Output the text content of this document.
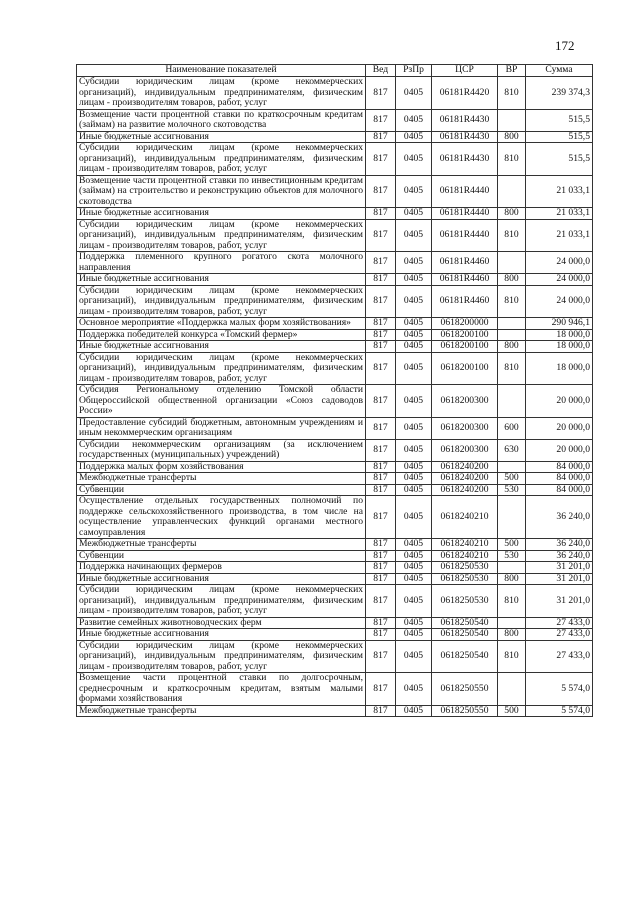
172
Наименование показателей	Вед	РзПр	ЦСР	ВР	Сумма
Субсидии юридическим лицам (кроме некоммерческих организаций), индивидуальным предпринимателям, физическим лицам - производителям товаров, работ, услуг	817	0405	06181R4420	810	239 374,3
Возмещение части процентной ставки по краткосрочным кредитам (займам) на развитие молочного скотоводства	817	0405	06181R4430		515,5
Иные бюджетные ассигнования	817	0405	06181R4430	800	515,5
Субсидии юридическим лицам (кроме некоммерческих организаций), индивидуальным предпринимателям, физическим лицам - производителям товаров, работ, услуг	817	0405	06181R4430	810	515,5
Возмещение части процентной ставки по инвестиционным кредитам (займам) на строительство и реконструкцию объектов для молочного скотоводства	817	0405	06181R4440		21 033,1
Иные бюджетные ассигнования	817	0405	06181R4440	800	21 033,1
Субсидии юридическим лицам (кроме некоммерческих организаций), индивидуальным предпринимателям, физическим лицам - производителям товаров, работ, услуг	817	0405	06181R4440	810	21 033,1
Поддержка племенного крупного рогатого скота молочного направления	817	0405	06181R4460		24 000,0
Иные бюджетные ассигнования	817	0405	06181R4460	800	24 000,0
Субсидии юридическим лицам (кроме некоммерческих организаций), индивидуальным предпринимателям, физическим лицам - производителям товаров, работ, услуг	817	0405	06181R4460	810	24 000,0
Основное мероприятие «Поддержка малых форм хозяйствования»	817	0405	0618200000		290 946,1
Поддержка победителей конкурса «Томский фермер»	817	0405	0618200100		18 000,0
Иные бюджетные ассигнования	817	0405	0618200100	800	18 000,0
Субсидии юридическим лицам (кроме некоммерческих организаций), индивидуальным предпринимателям, физическим лицам - производителям товаров, работ, услуг	817	0405	0618200100	810	18 000,0
Субсидия Региональному отделению Томской области Общероссийской общественной организации «Союз садоводов России»	817	0405	0618200300		20 000,0
Предоставление субсидий бюджетным, автономным учреждениям и иным некоммерческим организациям	817	0405	0618200300	600	20 000,0
Субсидии некоммерческим организациям (за исключением государственных (муниципальных) учреждений)	817	0405	0618200300	630	20 000,0
Поддержка малых форм хозяйствования	817	0405	0618240200		84 000,0
Межбюджетные трансферты	817	0405	0618240200	500	84 000,0
Субвенции	817	0405	0618240200	530	84 000,0
Осуществление отдельных государственных полномочий по поддержке сельскохозяйственного производства, в том числе на осуществление управленческих функций органами местного самоуправления	817	0405	0618240210		36 240,0
Межбюджетные трансферты	817	0405	0618240210	500	36 240,0
Субвенции	817	0405	0618240210	530	36 240,0
Поддержка начинающих фермеров	817	0405	0618250530		31 201,0
Иные бюджетные ассигнования	817	0405	0618250530	800	31 201,0
Субсидии юридическим лицам (кроме некоммерческих организаций), индивидуальным предпринимателям, физическим лицам - производителям товаров, работ, услуг	817	0405	0618250530	810	31 201,0
Развитие семейных животноводческих ферм	817	0405	0618250540		27 433,0
Иные бюджетные ассигнования	817	0405	0618250540	800	27 433,0
Субсидии юридическим лицам (кроме некоммерческих организаций), индивидуальным предпринимателям, физическим лицам - производителям товаров, работ, услуг	817	0405	0618250540	810	27 433,0
Возмещение части процентной ставки по долгосрочным, среднесрочным и краткосрочным кредитам, взятым малыми формами хозяйствования	817	0405	0618250550		5 574,0
Межбюджетные трансферты	817	0405	0618250550	500	5 574,0
